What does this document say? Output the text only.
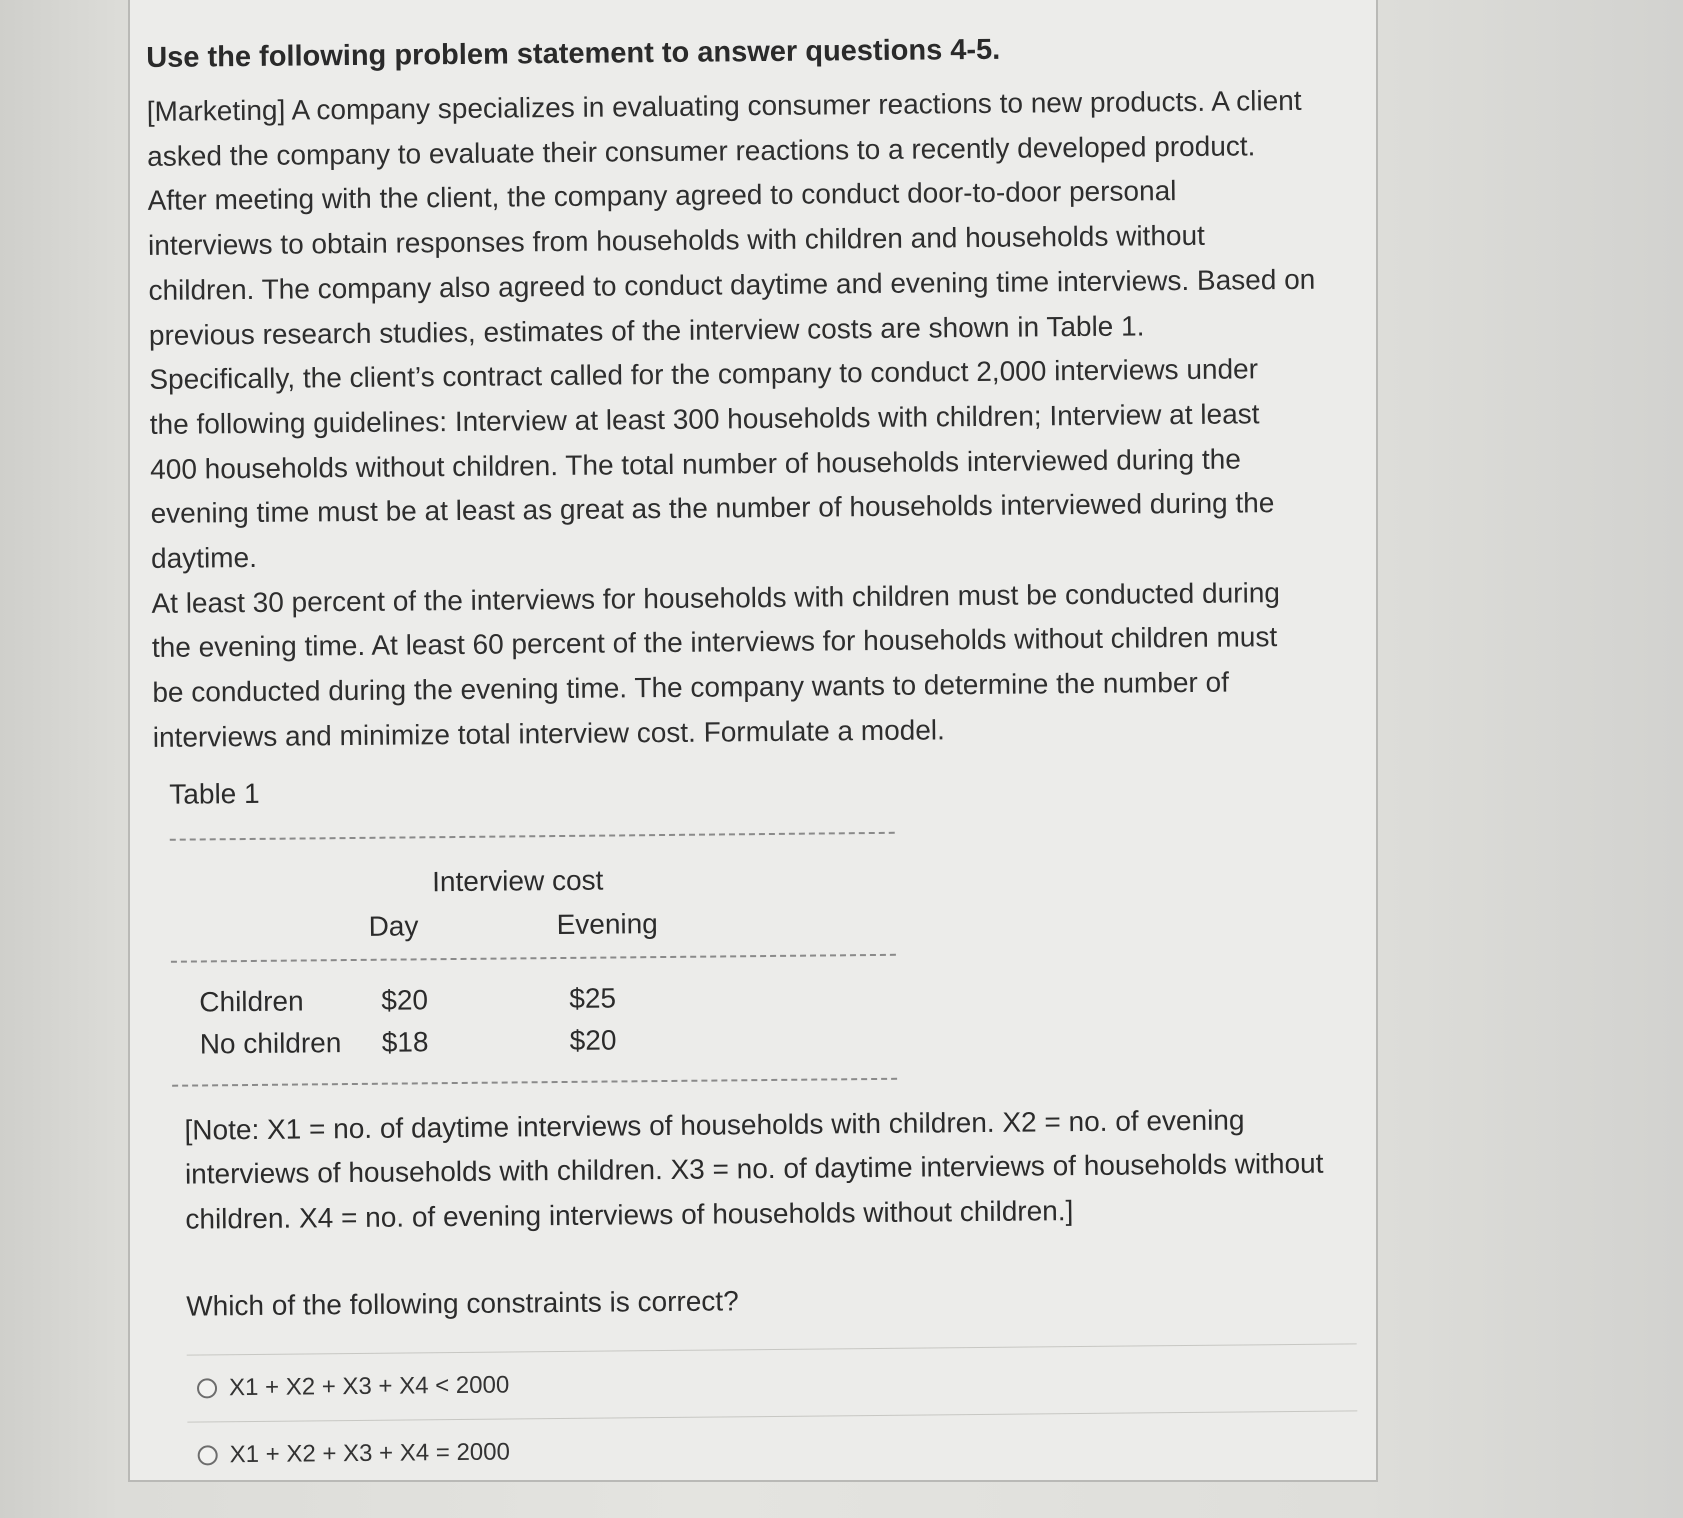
Use the following problem statement to answer questions 4-5.
[Marketing] A company specializes in evaluating consumer reactions to new products. A client
asked the company to evaluate their consumer reactions to a recently developed product.
After meeting with the client, the company agreed to conduct door-to-door personal
interviews to obtain responses from households with children and households without
children. The company also agreed to conduct daytime and evening time interviews. Based on
previous research studies, estimates of the interview costs are shown in Table 1.
Specifically, the client’s contract called for the company to conduct 2,000 interviews under
the following guidelines: Interview at least 300 households with children; Interview at least
400 households without children. The total number of households interviewed during the
evening time must be at least as great as the number of households interviewed during the
daytime.
At least 30 percent of the interviews for households with children must be conducted during
the evening time. At least 60 percent of the interviews for households without children must
be conducted during the evening time. The company wants to determine the number of
interviews and minimize total interview cost. Formulate a model.
Table 1
Interview cost
Day	Evening
Children	$20	$25
No children $18	$20
[Note: X1 = no. of daytime interviews of households with children. X2 = no. of evening
interviews of households with children. X3 = no. of daytime interviews of households without
children. X4 = no. of evening interviews of households without children.]
Which of the following constraints is correct?
X1 + X2 + X3 + X4 < 2000
X1 + X2 + X3 + X4 = 2000
